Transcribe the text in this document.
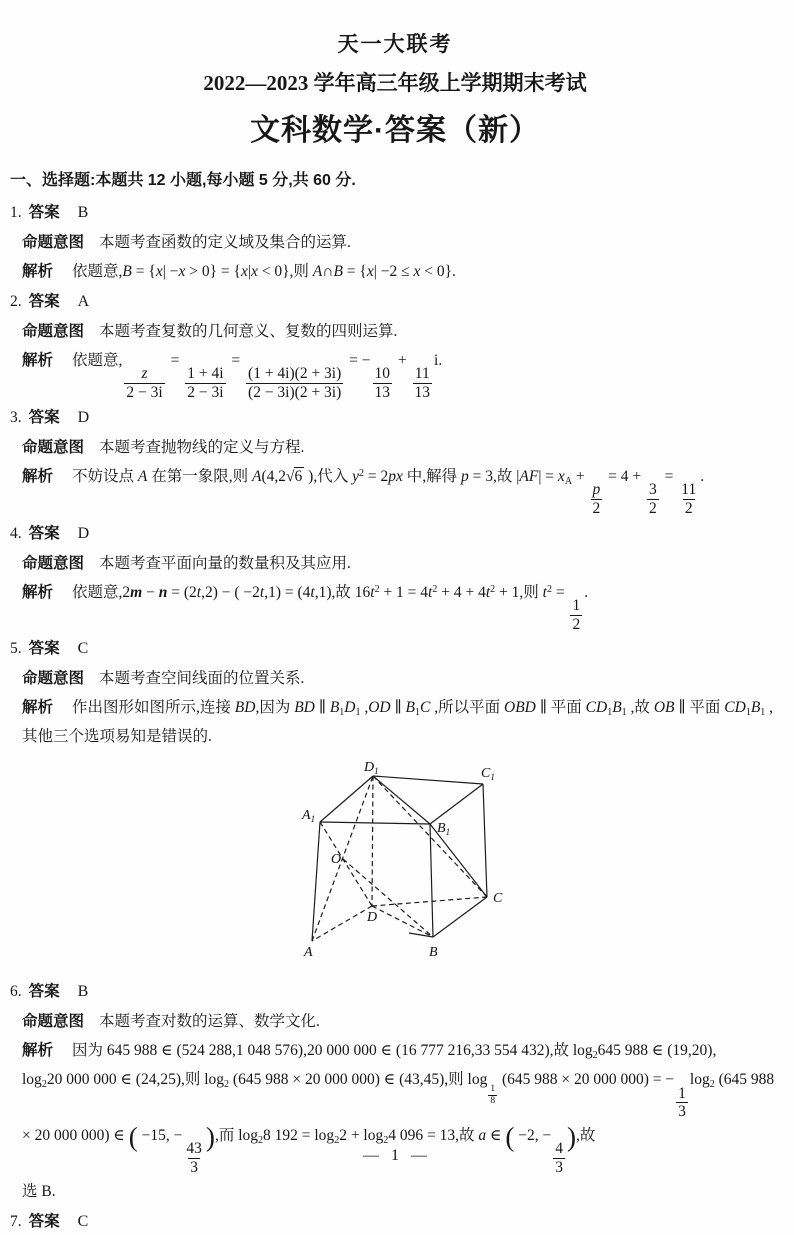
天一大联考
2022—2023 学年高三年级上学期期末考试
文科数学·答案（新）
一、选择题:本题共 12 小题,每小题 5 分,共 60 分.
1. 答案 B
命题意图 本题考查函数的定义域及集合的运算.
解析 依题意,B = {x| −x > 0} = {x|x < 0},则 A∩B = {x| −2 ≤ x < 0}.
2. 答案 A
命题意图 本题考查复数的几何意义、复数的四则运算.
解析 依题意,
$\frac{z}{2 - 3i}$
=
$\frac{1 + 4i}{2 - 3i}$
=
$\frac{(1 + 4i)(2 + 3i)}{(2 - 3i)(2 + 3i)}$
= −
$\frac{10}{13}$
+
$\frac{11}{13}$
i.
3. 答案 D
命题意图 本题考查抛物线的定义与方程.
解析 不妨设点 A 在第一象限,则 A(4,2√6 ),代入 $y^2 = 2px$ 中,解得 p = 3,故 $|AF| = x_A$ +
$\frac{p}{2}$
= 4 +
$\frac{3}{2}$
=
$\frac{11}{2}$
.
4. 答案 D
命题意图 本题考查平面向量的数量积及其应用.
解析 依题意,2m − n = (2t,2) − ( −2t,1) = (4t,1),故 $16t^2 + 1 = 4t^2 + 4 + 4t^2 + 1$,则 $t^2$ =
$\frac{1}{2}$
.
5. 答案 C
命题意图 本题考查空间线面的位置关系.
解析 作出图形如图所示,连接 BD,因为 BD ∥ $B_1D_1$ ,OD ∥ $B_1C$ ,所以平面 OBD ∥ 平面 $CD_1B_1$ ,故 OB ∥ 平面 $CD_1B_1$ ,其他三个选项易知是错误的.
$D_1$	$C_1$
$A_1$
$B_1$
O
D
C
A	B
6. 答案 B
命题意图 本题考查对数的运算、数学文化.
解析 因为 645 988 ∈ (524 288,1 048 576),20 000 000 ∈ (16 777 216,33 554 432),故 $\log_2645$ 988 ∈ (19,20), $\log_220$ 000 000 ∈ (24,25),则 $\log_2 (645$ 988 × 20 000 000) ∈ (43,45),则 log
$_{\frac{1}{8}}$
(645 988 × 20 000 000) = −
$\frac{1}{3}$
$\log_2 (645$ 988 × 20 000 000) ∈ ( −15, −
$\frac{43}{3}$
),而 $\log_28$ $192 = \log_22 + \log_24$ 096 = 13,故 a ∈ ( −2, −
$\frac{4}{3}$
),故
选 B.
7. 答案 C
— 1 —
